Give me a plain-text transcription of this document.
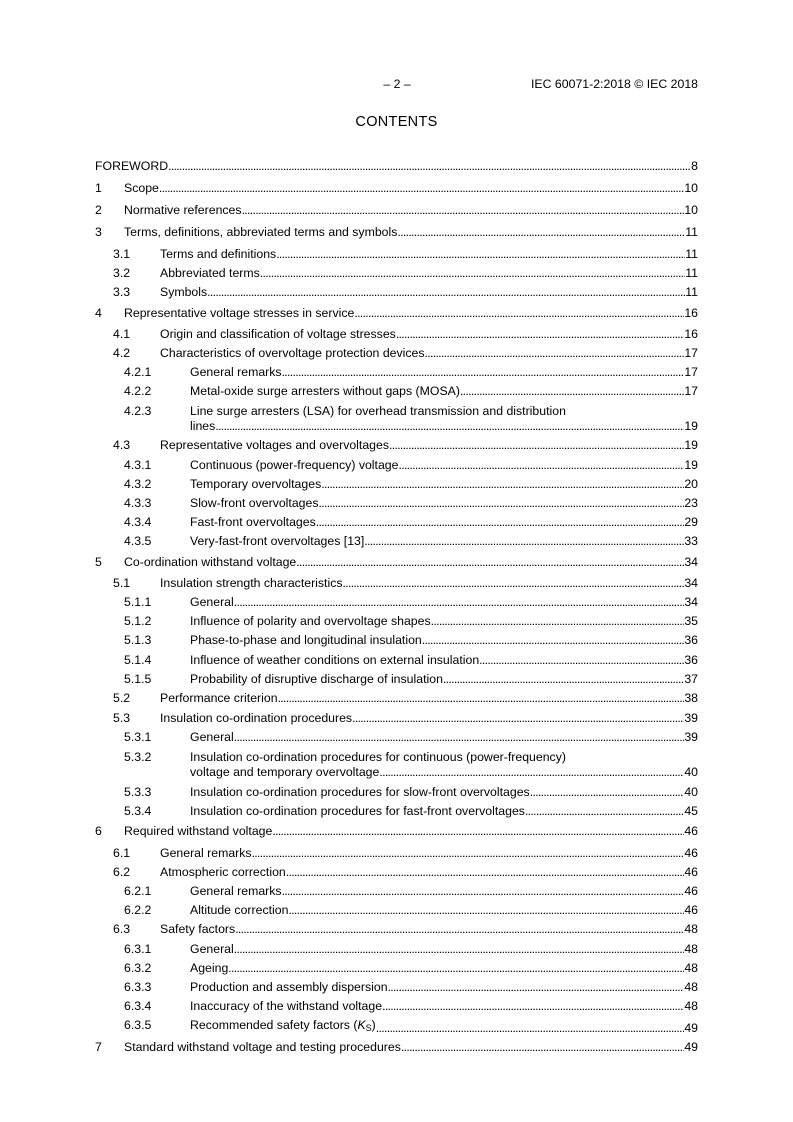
– 2 –	IEC 60071-2:2018 © IEC 2018
CONTENTS
FOREWORD . . .	8
1 Scope . . .	10
2 Normative references . . .	10
3 Terms, definitions, abbreviated terms and symbols . . .	11
3.1 Terms and definitions . . .	11
3.2 Abbreviated terms . . .	11
3.3 Symbols . . .	11
4 Representative voltage stresses in service . . .	16
4.1 Origin and classification of voltage stresses . . .	16
4.2 Characteristics of overvoltage protection devices . . .	17
4.2.1	General remarks . . .	17
4.2.2	Metal-oxide surge arresters without gaps (MOSA) . . .	17
4.2.3	Line surge arresters (LSA) for overhead transmission and distribution
lines . . .	19
4.3 Representative voltages and overvoltages . . .	19
4.3.1	Continuous (power-frequency) voltage . . .	19
4.3.2	Temporary overvoltages . . .	20
4.3.3	Slow-front overvoltages . . .	23
4.3.4	Fast-front overvoltages . . .	29
4.3.5	Very-fast-front overvoltages [13] . . .	33
5 Co-ordination withstand voltage . . .	34
5.1 Insulation strength characteristics . . .	34
5.1.1	General . . .	34
5.1.2	Influence of polarity and overvoltage shapes . . .	35
5.1.3	Phase-to-phase and longitudinal insulation . . .	36
5.1.4	Influence of weather conditions on external insulation . . .	36
5.1.5	Probability of disruptive discharge of insulation . . .	37
5.2 Performance criterion . . .	38
5.3 Insulation co-ordination procedures . . .	39
5.3.1	General . . .	39
5.3.2	Insulation co-ordination procedures for continuous (power-frequency)
voltage and temporary overvoltage . . .	40
5.3.3	Insulation co-ordination procedures for slow-front overvoltages . . .	40
5.3.4	Insulation co-ordination procedures for fast-front overvoltages . . .	45
6 Required withstand voltage . . .	46
6.1 General remarks . . .	46
6.2 Atmospheric correction . . .	46
6.2.1	General remarks . . .	46
6.2.2	Altitude correction . . .	46
6.3 Safety factors . . .	48
6.3.1	General . . .	48
6.3.2	Ageing . . .	48
6.3.3	Production and assembly dispersion . . .	48
6.3.4	Inaccuracy of the withstand voltage . . .	48
6.3.5	Recommended safety factors $(K_S)$ . . .	49
7 Standard withstand voltage and testing procedures . . .	49
